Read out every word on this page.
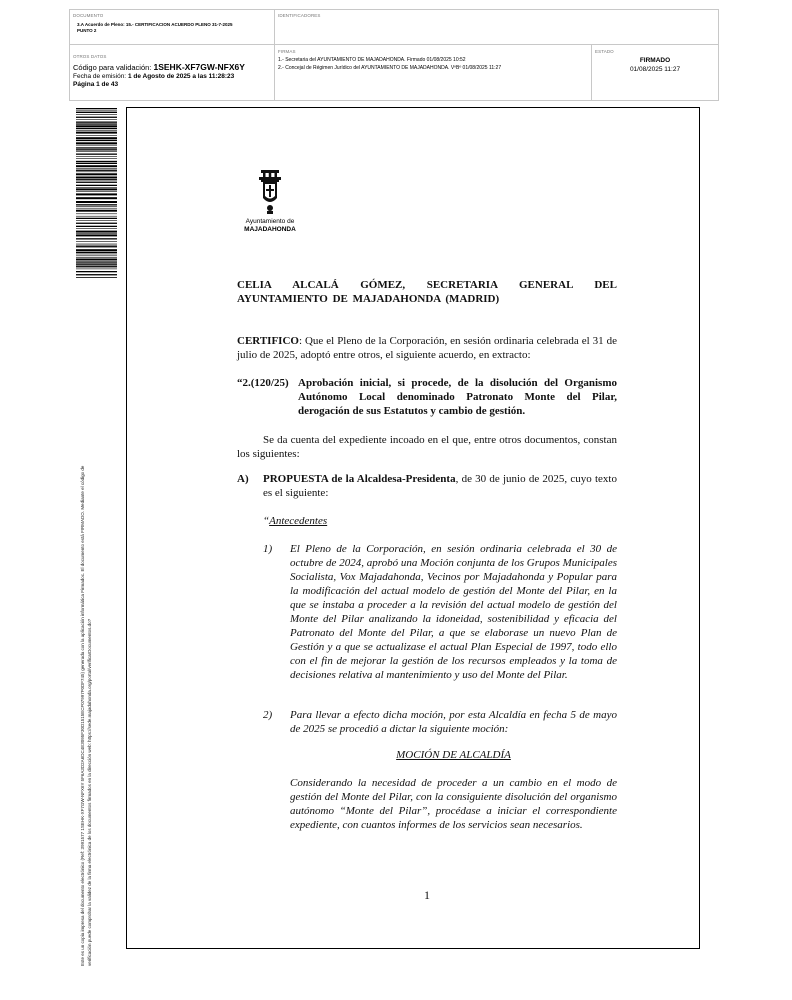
DOCUMENTO
3.A Acuerdo de Pleno: 15.- CERTIFICACION ACUERDO PLENO 31-7-2025
PUNTO 2
IDENTIFICADORES
OTROS DATOS
Código para validación: 1SEHK-XF7GW-NFX6Y
Fecha de emisión: 1 de Agosto de 2025 a las 11:28:23
Página 1 de 43
FIRMAS
1.- Secretaria del AYUNTAMIENTO DE MAJADAHONDA. Firmado 01/08/2025 10:52
2.- Concejal de Régimen Jurídico del AYUNTAMIENTO DE MAJADAHONDA. VºBº 01/08/2025 11:27
ESTADO
FIRMADO
01/08/2025 11:27
Este es un copia impresa del documento electrónico (Ref: 3991577 1SEHK-XF7GW-NFX6Y 5F6A3D2A6DC4E3095F30D1515ECF07997F0DF745) generada con la aplicación informática Firmadoc. El documento está FIRMADO. Mediante el código de verificación puede comprobar la validez de la firma electrónica de los documentos firmados en la dirección web: https://sede.majadahonda.org/portal/verificarDocumentos.do?
Ayuntamiento de
MAJADAHONDA
CELIA ALCALÁ GÓMEZ, SECRETARIA GENERAL DEL AYUNTAMIENTO DE MAJADAHONDA (MADRID)
CERTIFICO: Que el Pleno de la Corporación, en sesión ordinaria celebrada el 31 de julio de 2025, adoptó entre otros, el siguiente acuerdo, en extracto:
“2.(120/25) Aprobación inicial, si procede, de la disolución del Organismo Autónomo Local denominado Patronato Monte del Pilar, derogación de sus Estatutos y cambio de gestión.
Se da cuenta del expediente incoado en el que, entre otros documentos, constan los siguientes:
A) PROPUESTA de la Alcaldesa-Presidenta, de 30 de junio de 2025, cuyo texto es el siguiente:
“Antecedentes
1) El Pleno de la Corporación, en sesión ordinaria celebrada el 30 de octubre de 2024, aprobó una Moción conjunta de los Grupos Municipales Socialista, Vox Majadahonda, Vecinos por Majadahonda y Popular para la modificación del actual modelo de gestión del Monte del Pilar, en la que se instaba a proceder a la revisión del actual modelo de gestión del Monte del Pilar analizando la idoneidad, sostenibilidad y eficacia del Patronato del Monte del Pilar, a que se elaborase un nuevo Plan de Gestión y a que se actualizase el actual Plan Especial de 1997, todo ello con el fin de mejorar la gestión de los recursos empleados y la toma de decisiones relativa al mantenimiento y uso del Monte del Pilar.
2) Para llevar a efecto dicha moción, por esta Alcaldía en fecha 5 de mayo de 2025 se procedió a dictar la siguiente moción:
MOCIÓN DE ALCALDÍA
Considerando la necesidad de proceder a un cambio en el modo de gestión del Monte del Pilar, con la consiguiente disolución del organismo autónomo “Monte del Pilar”, procédase a iniciar el correspondiente expediente, con cuantos informes de los servicios sean necesarios.
1
